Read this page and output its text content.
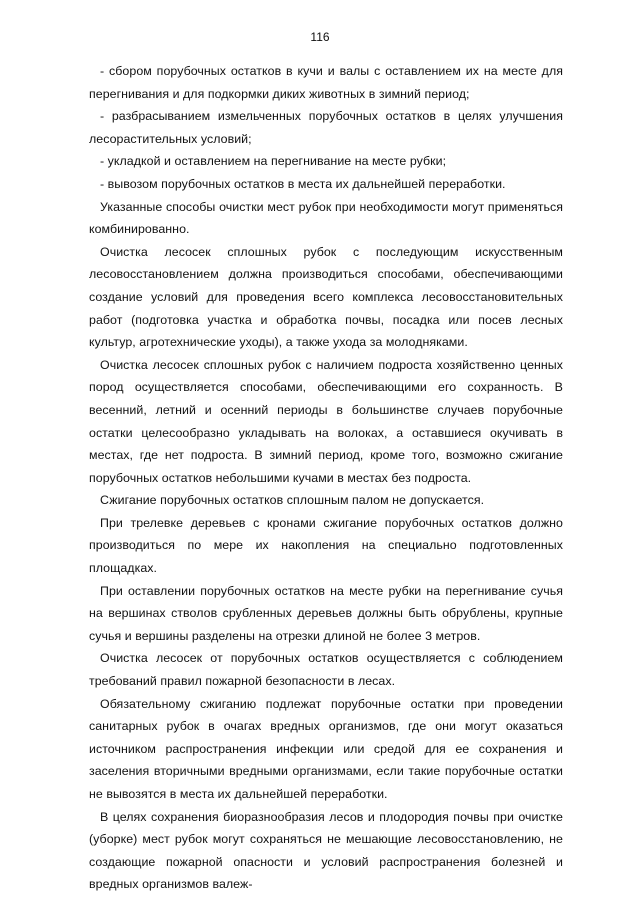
116

- сбором порубочных остатков в кучи и валы с оставлением их на месте для перегнивания и для подкормки диких животных в зимний период;

- разбрасыванием измельченных порубочных остатков в целях улучшения лесорастительных условий;

- укладкой и оставлением на перегнивание на месте рубки;

- вывозом порубочных остатков в места их дальнейшей переработки.

Указанные способы очистки мест рубок при необходимости могут применяться комбинированно.

Очистка лесосек сплошных рубок с последующим искусственным лесовосстановлением должна производиться способами, обеспечивающими создание условий для проведения всего комплекса лесовосстановительных работ (подготовка участка и обработка почвы, посадка или посев лесных культур, агротехнические уходы), а также ухода за молодняками.

Очистка лесосек сплошных рубок с наличием подроста хозяйственно ценных пород осуществляется способами, обеспечивающими его сохранность. В весенний, летний и осенний периоды в большинстве случаев порубочные остатки целесообразно укладывать на волоках, а оставшиеся окучивать в местах, где нет подроста. В зимний период, кроме того, возможно сжигание порубочных остатков небольшими кучами в местах без подроста.

Сжигание порубочных остатков сплошным палом не допускается.

При трелевке деревьев с кронами сжигание порубочных остатков должно производиться по мере их накопления на специально подготовленных площадках.

При оставлении порубочных остатков на месте рубки на перегнивание сучья на вершинах стволов срубленных деревьев должны быть обрублены, крупные сучья и вершины разделены на отрезки длиной не более 3 метров.

Очистка лесосек от порубочных остатков осуществляется с соблюдением требований правил пожарной безопасности в лесах.

Обязательному сжиганию подлежат порубочные остатки при проведении санитарных рубок в очагах вредных организмов, где они могут оказаться источником распространения инфекции или средой для ее сохранения и заселения вторичными вредными организмами, если такие порубочные остатки не вывозятся в места их дальнейшей переработки.

В целях сохранения биоразнообразия лесов и плодородия почвы при очистке (уборке) мест рубок могут сохраняться не мешающие лесовосстановлению, не создающие пожарной опасности и условий распространения болезней и вредных организмов валеж-
